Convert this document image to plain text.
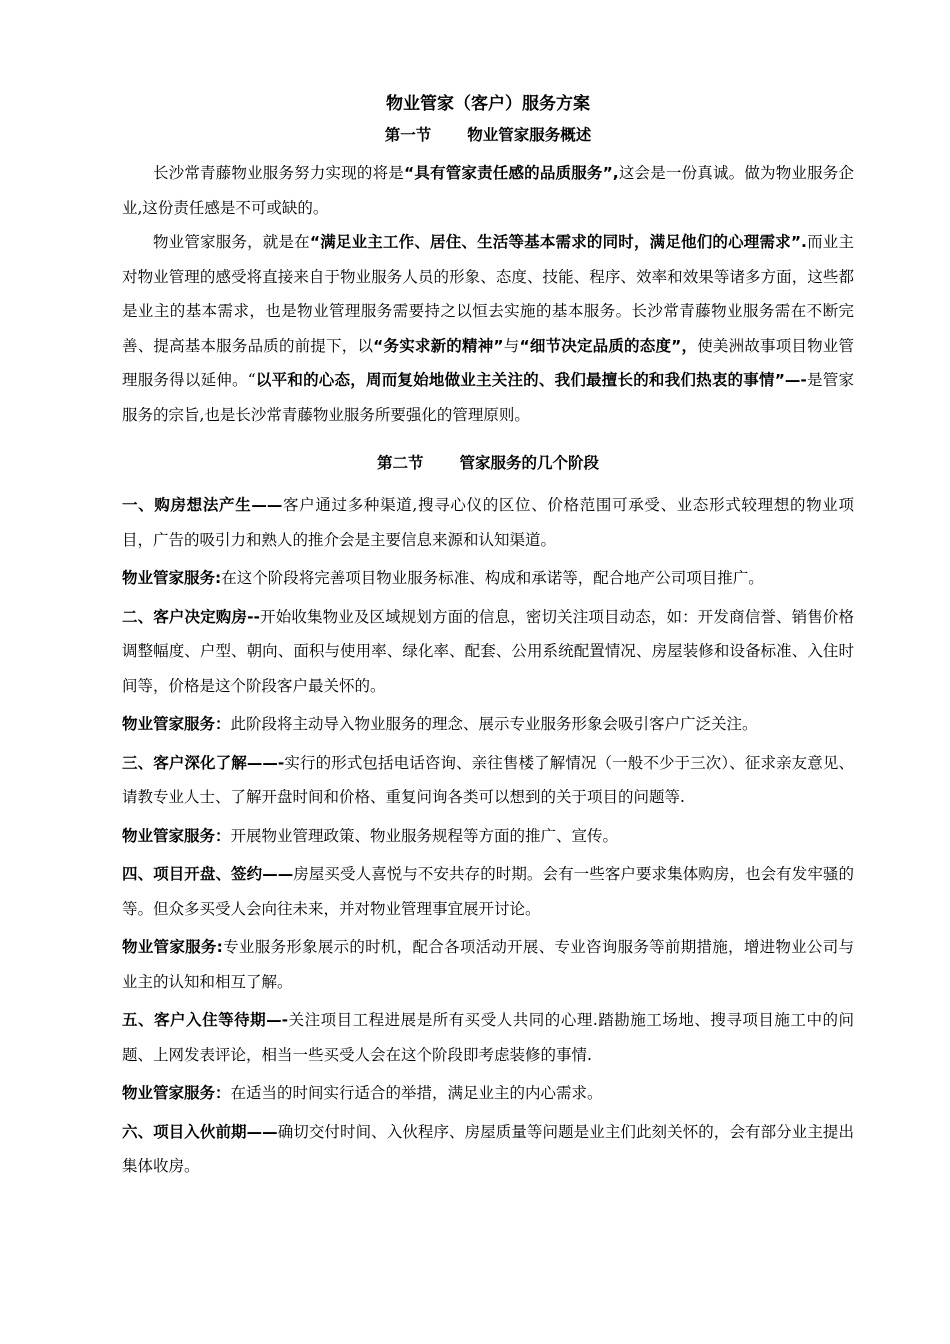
物业管家（客户）服务方案
第一节 物业管家服务概述

长沙常青藤物业服务努力实现的将是“具有管家责任感的品质服务”,这会是一份真诚。做为物业服务企业,这份责任感是不可或缺的。

物业管家服务，就是在“满足业主工作、居住、生活等基本需求的同时，满足他们的心理需求”.而业主对物业管理的感受将直接来自于物业服务人员的形象、态度、技能、程序、效率和效果等诸多方面，这些都是业主的基本需求，也是物业管理服务需要持之以恒去实施的基本服务。长沙常青藤物业服务需在不断完善、提高基本服务品质的前提下，以“务实求新的精神”与“细节决定品质的态度”，使美洲故事项目物业管理服务得以延伸。“以平和的心态，周而复始地做业主关注的、我们最擅长的和我们热衷的事情”—-是管家服务的宗旨,也是长沙常青藤物业服务所要强化的管理原则。

第二节 管家服务的几个阶段

一、购房想法产生——客户通过多种渠道,搜寻心仪的区位、价格范围可承受、业态形式较理想的物业项目，广告的吸引力和熟人的推介会是主要信息来源和认知渠道。

物业管家服务:在这个阶段将完善项目物业服务标准、构成和承诺等，配合地产公司项目推广。

二、客户决定购房--开始收集物业及区域规划方面的信息，密切关注项目动态，如：开发商信誉、销售价格调整幅度、户型、朝向、面积与使用率、绿化率、配套、公用系统配置情况、房屋装修和设备标准、入住时间等，价格是这个阶段客户最关怀的。

物业管家服务：此阶段将主动导入物业服务的理念、展示专业服务形象会吸引客户广泛关注。

三、客户深化了解——-实行的形式包括电话咨询、亲往售楼了解情况（一般不少于三次）、征求亲友意见、请教专业人士、了解开盘时间和价格、重复问询各类可以想到的关于项目的问题等.

物业管家服务：开展物业管理政策、物业服务规程等方面的推广、宣传。

四、项目开盘、签约——房屋买受人喜悦与不安共存的时期。会有一些客户要求集体购房，也会有发牢骚的等。但众多买受人会向往未来，并对物业管理事宜展开讨论。

物业管家服务:专业服务形象展示的时机，配合各项活动开展、专业咨询服务等前期措施，增进物业公司与业主的认知和相互了解。

五、客户入住等待期—-关注项目工程进展是所有买受人共同的心理.踏勘施工场地、搜寻项目施工中的问题、上网发表评论，相当一些买受人会在这个阶段即考虑装修的事情.

物业管家服务：在适当的时间实行适合的举措，满足业主的内心需求。

六、项目入伙前期——确切交付时间、入伙程序、房屋质量等问题是业主们此刻关怀的，会有部分业主提出集体收房。
